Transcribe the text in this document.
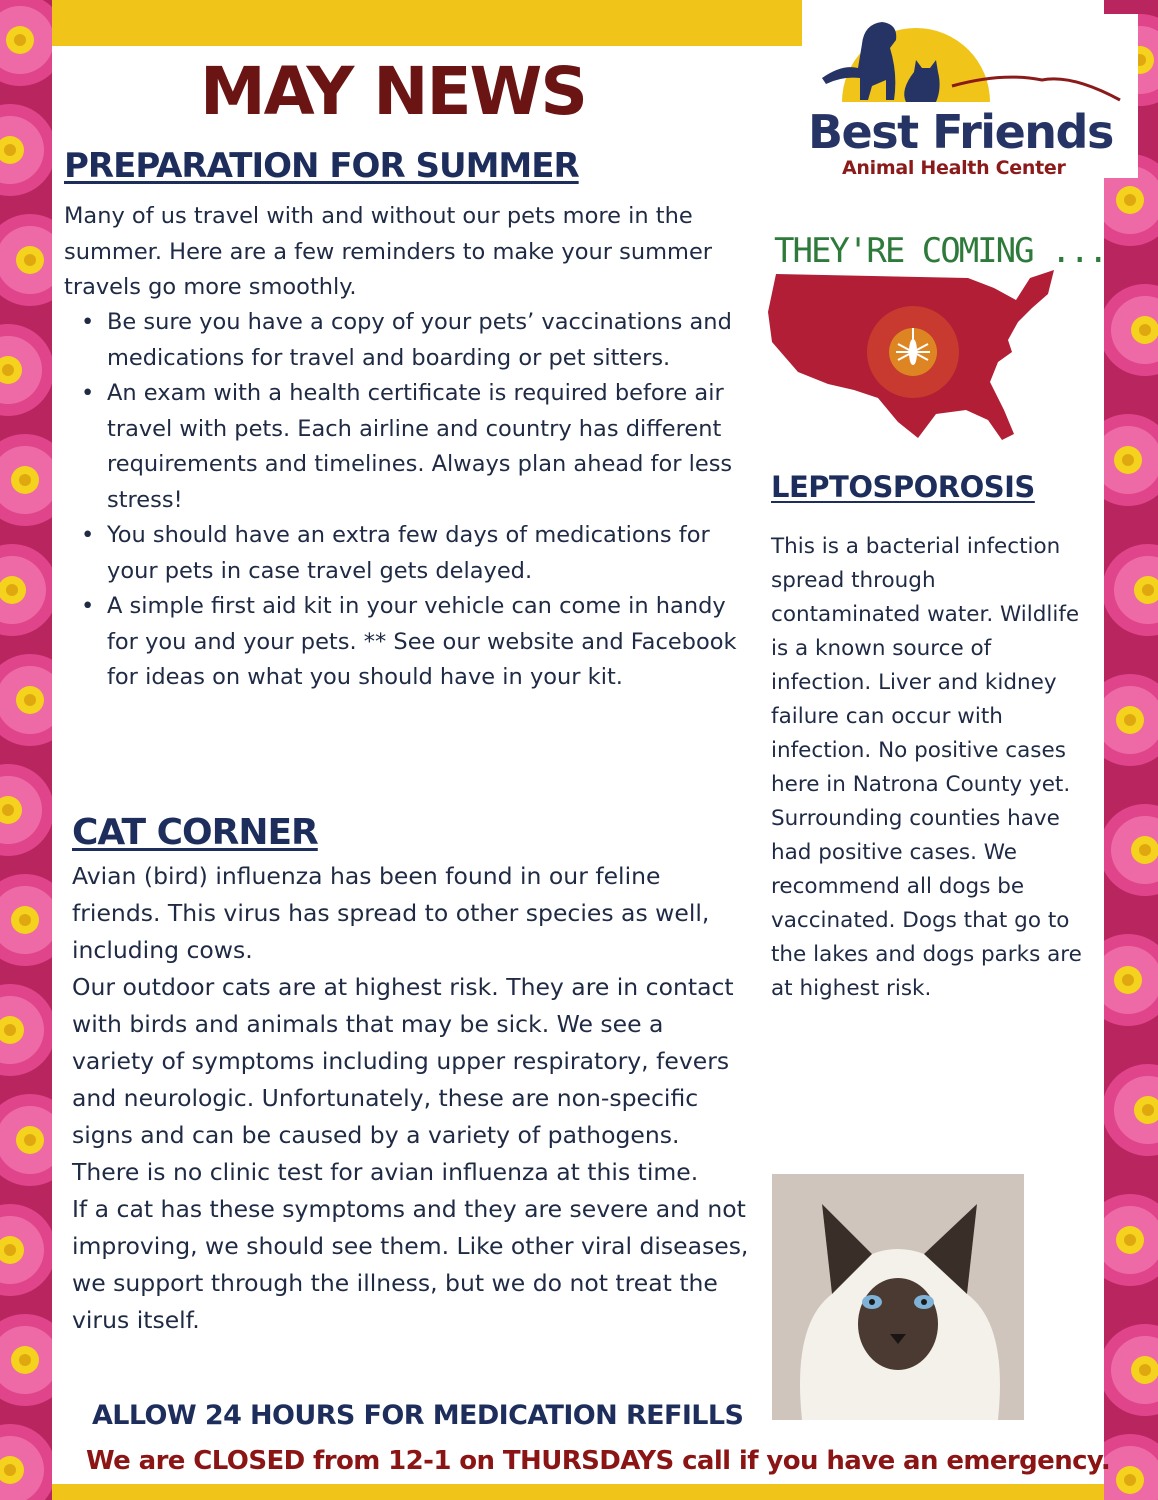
MAY NEWS
Best Friends
Animal Health Center
PREPARATION FOR SUMMER
Many of us travel with and without our pets more in the summer. Here are a few reminders to make your summer travels go more smoothly.
• Be sure you have a copy of your pets’ vaccinations and medications for travel and boarding or pet sitters.
• An exam with a health certificate is required before air travel with pets. Each airline and country has different requirements and timelines. Always plan ahead for less stress!
• You should have an extra few days of medications for your pets in case travel gets delayed.
• A simple first aid kit in your vehicle can come in handy for you and your pets. ** See our website and Facebook for ideas on what you should have in your kit.
THEY'RE COMING ...
LEPTOSPOROSIS
This is a bacterial infection spread through contaminated water. Wildlife is a known source of infection. Liver and kidney failure can occur with infection. No positive cases here in Natrona County yet. Surrounding counties have had positive cases. We recommend all dogs be vaccinated. Dogs that go to the lakes and dogs parks are at highest risk.
CAT CORNER

Avian (bird) influenza has been found in our feline friends. This virus has spread to other species as well, including cows.

Our outdoor cats are at highest risk. They are in contact with birds and animals that may be sick. We see a variety of symptoms including upper respiratory, fevers and neurologic. Unfortunately, these are non-specific signs and can be caused by a variety of pathogens. There is no clinic test for avian influenza at this time.

If a cat has these symptoms and they are severe and not improving, we should see them. Like other viral diseases, we support through the illness, but we do not treat the virus itself.

ALLOW 24 HOURS FOR MEDICATION REFILLS
We are CLOSED from 12-1 on THURSDAYS call if you have an emergency.
